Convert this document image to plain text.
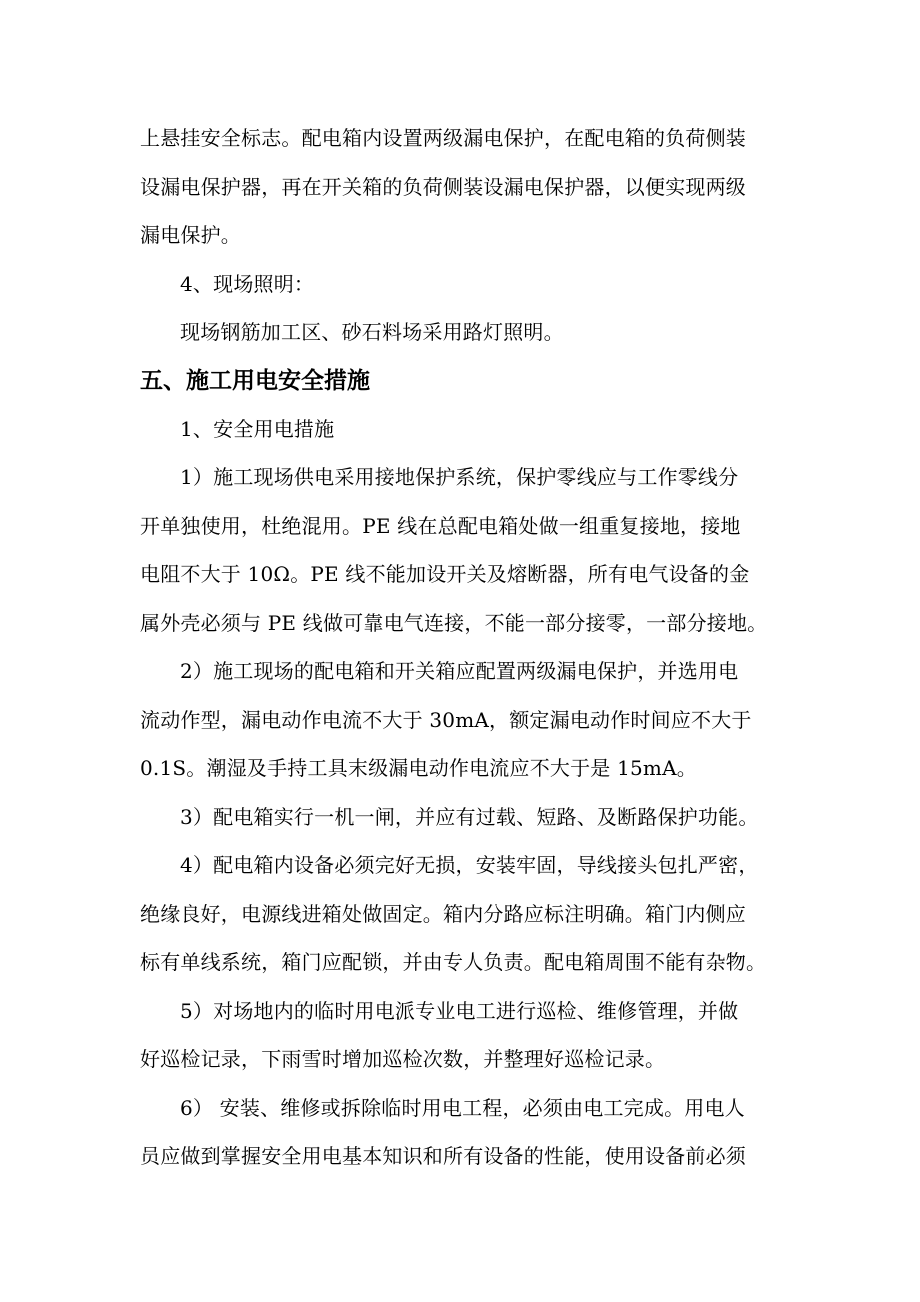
上悬挂安全标志。配电箱内设置两级漏电保护，在配电箱的负荷侧装
设漏电保护器，再在开关箱的负荷侧装设漏电保护器，以便实现两级
漏电保护。
4、现场照明：
现场钢筋加工区、砂石料场采用路灯照明。
五、施工用电安全措施
1、安全用电措施
1）施工现场供电采用接地保护系统，保护零线应与工作零线分
开单独使用，杜绝混用。PE 线在总配电箱处做一组重复接地，接地
电阻不大于 10Ω。PE 线不能加设开关及熔断器，所有电气设备的金
属外壳必须与 PE 线做可靠电气连接，不能一部分接零，一部分接地。
2）施工现场的配电箱和开关箱应配置两级漏电保护，并选用电
流动作型，漏电动作电流不大于 30mA，额定漏电动作时间应不大于
0.1S。潮湿及手持工具末级漏电动作电流应不大于是 15mA。
3）配电箱实行一机一闸，并应有过载、短路、及断路保护功能。
4）配电箱内设备必须完好无损，安装牢固，导线接头包扎严密，
绝缘良好，电源线进箱处做固定。箱内分路应标注明确。箱门内侧应
标有单线系统，箱门应配锁，并由专人负责。配电箱周围不能有杂物。
5）对场地内的临时用电派专业电工进行巡检、维修管理，并做
好巡检记录，下雨雪时增加巡检次数，并整理好巡检记录。
6） 安装、维修或拆除临时用电工程，必须由电工完成。用电人
员应做到掌握安全用电基本知识和所有设备的性能，使用设备前必须
